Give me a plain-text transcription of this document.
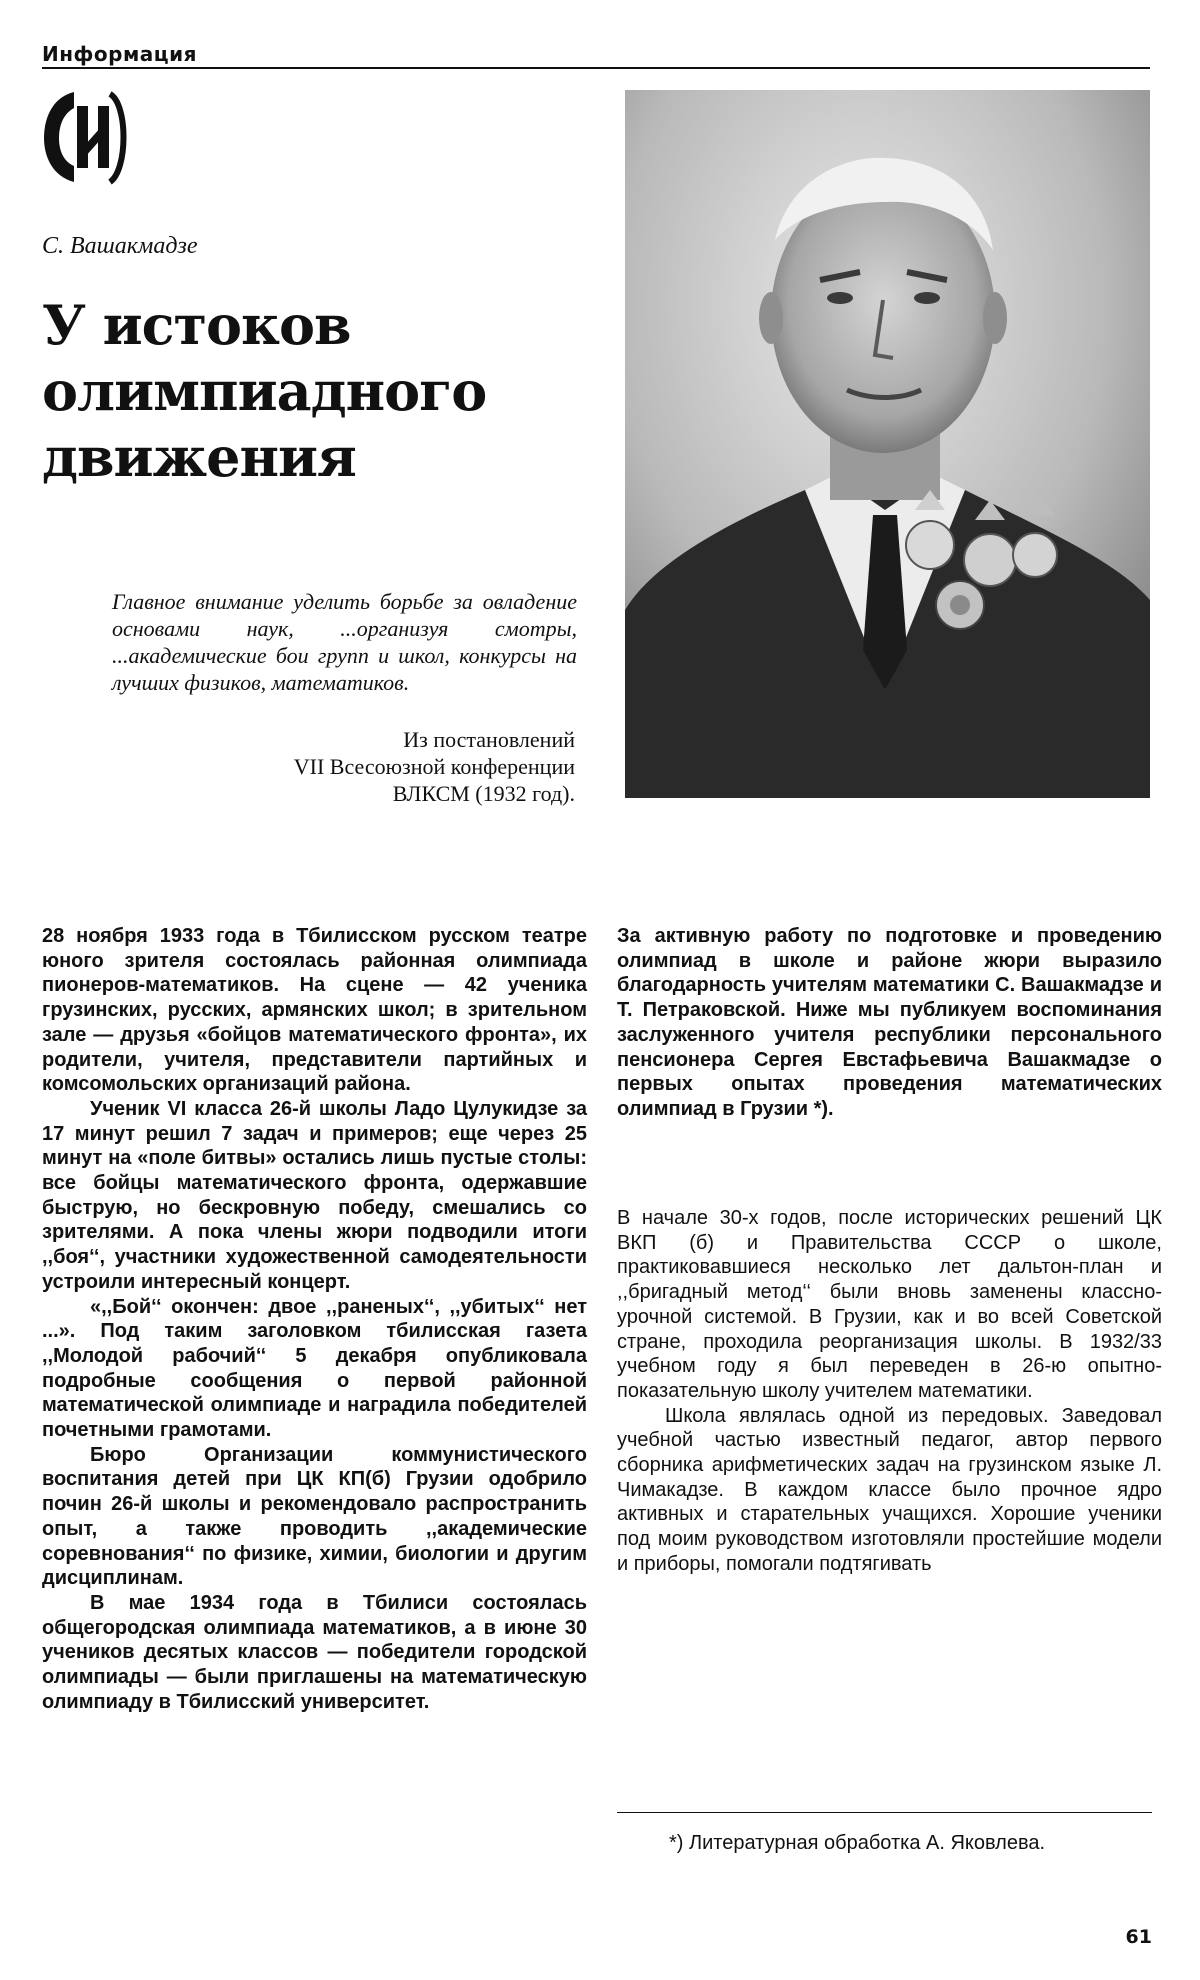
Информация
С. Вашакмадзе
У истоков
олимпиадного
движения
Главное внимание уделить борьбе за овладение основами наук, ...организуя смотры, ...академические бои групп и школ, конкурсы на лучших физиков, математиков.
Из постановлений
VII Всесоюзной конференции
ВЛКСМ (1932 год).

28 ноября 1933 года в Тбилисском русском театре юного зрителя состоялась районная олимпиада пионеров-математиков. На сцене — 42 ученика грузинских, русских, армянских школ; в зрительном зале — друзья «бойцов математического фронта», их родители, учителя, представители партийных и комсомольских организаций района.

Ученик VI класса 26-й школы Ладо Цулукидзе за 17 минут решил 7 задач и примеров; еще через 25 минут на «поле битвы» остались лишь пустые столы: все бойцы математического фронта, одержавшие быструю, но бескровную победу, смешались со зрителями. А пока члены жюри подводили итоги ,,боя‘‘, участники художественной самодеятельности устроили интересный концерт.

«,,Бой‘‘ окончен: двое ,,раненых‘‘, ,,убитых‘‘ нет ...». Под таким заголовком тбилисская газета ,,Молодой рабочий‘‘ 5 декабря опубликовала подробные сообщения о первой районной математической олимпиаде и наградила победителей почетными грамотами.

Бюро Организации коммунистического воспитания детей при ЦК КП(б) Грузии одобрило почин 26-й школы и рекомендовало распространить опыт, а также проводить ,,академические соревнования‘‘ по физике, химии, биологии и другим дисциплинам.

В мае 1934 года в Тбилиси состоялась общегородская олимпиада математиков, а в июне 30 учеников десятых классов — победители городской олимпиады — были приглашены на математическую олимпиаду в Тбилисский университет.

За активную работу по подготовке и проведению олимпиад в школе и районе жюри выразило благодарность учителям математики С. Вашакмадзе и Т. Петраковской. Ниже мы публикуем воспоминания заслуженного учителя республики персонального пенсионера Сергея Евстафьевича Вашакмадзе о первых опытах проведения математических олимпиад в Грузии *).

В начале 30-х годов, после исторических решений ЦК ВКП (б) и Правительства СССР о школе, практиковавшиеся несколько лет дальтон-план и ,,бригадный метод‘‘ были вновь заменены классно-урочной системой. В Грузии, как и во всей Советской стране, проходила реорганизация школы. В 1932/33 учебном году я был переведен в 26-ю опытно-показательную школу учителем математики.

Школа являлась одной из передовых. Заведовал учебной частью известный педагог, автор первого сборника арифметических задач на грузинском языке Л. Чимакадзе. В каждом классе было прочное ядро активных и старательных учащихся. Хорошие ученики под моим руководством изготовляли простейшие модели и приборы, помогали подтягивать

*) Литературная обработка А. Яковлева.
61
